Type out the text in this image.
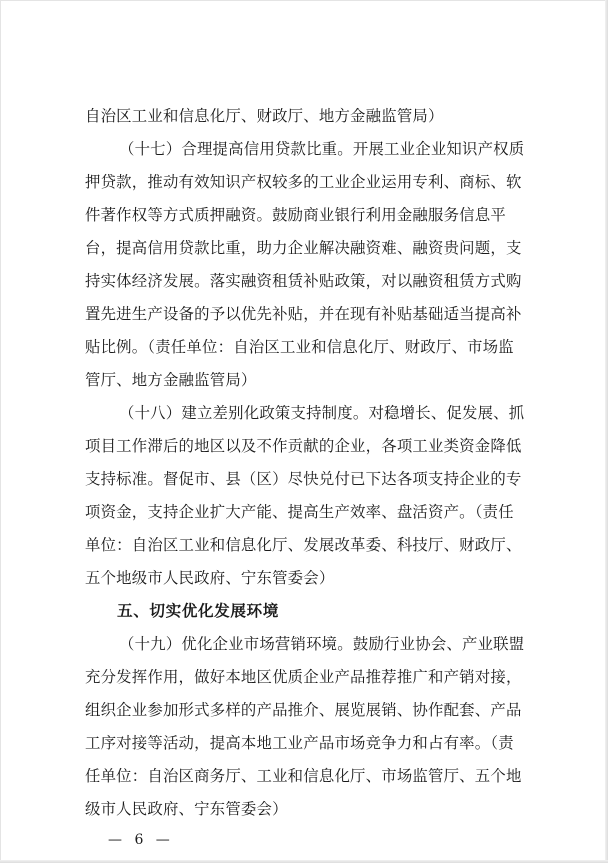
自治区工业和信息化厅、财政厅、地方金融监管局）
（十七）合理提高信用贷款比重。开展工业企业知识产权质
押贷款，推动有效知识产权较多的工业企业运用专利、商标、软
件著作权等方式质押融资。鼓励商业银行利用金融服务信息平
台，提高信用贷款比重，助力企业解决融资难、融资贵问题，支
持实体经济发展。落实融资租赁补贴政策，对以融资租赁方式购
置先进生产设备的予以优先补贴，并在现有补贴基础适当提高补
贴比例。（责任单位：自治区工业和信息化厅、财政厅、市场监
管厅、地方金融监管局）
（十八）建立差别化政策支持制度。对稳增长、促发展、抓
项目工作滞后的地区以及不作贡献的企业，各项工业类资金降低
支持标准。督促市、县（区）尽快兑付已下达各项支持企业的专
项资金，支持企业扩大产能、提高生产效率、盘活资产。（责任
单位：自治区工业和信息化厅、发展改革委、科技厅、财政厅、
五个地级市人民政府、宁东管委会）
五、切实优化发展环境
（十九）优化企业市场营销环境。鼓励行业协会、产业联盟
充分发挥作用，做好本地区优质企业产品推荐推广和产销对接，
组织企业参加形式多样的产品推介、展览展销、协作配套、产品
工序对接等活动，提高本地工业产品市场竞争力和占有率。（责
任单位：自治区商务厅、工业和信息化厅、市场监管厅、五个地
级市人民政府、宁东管委会）
— 6 —
